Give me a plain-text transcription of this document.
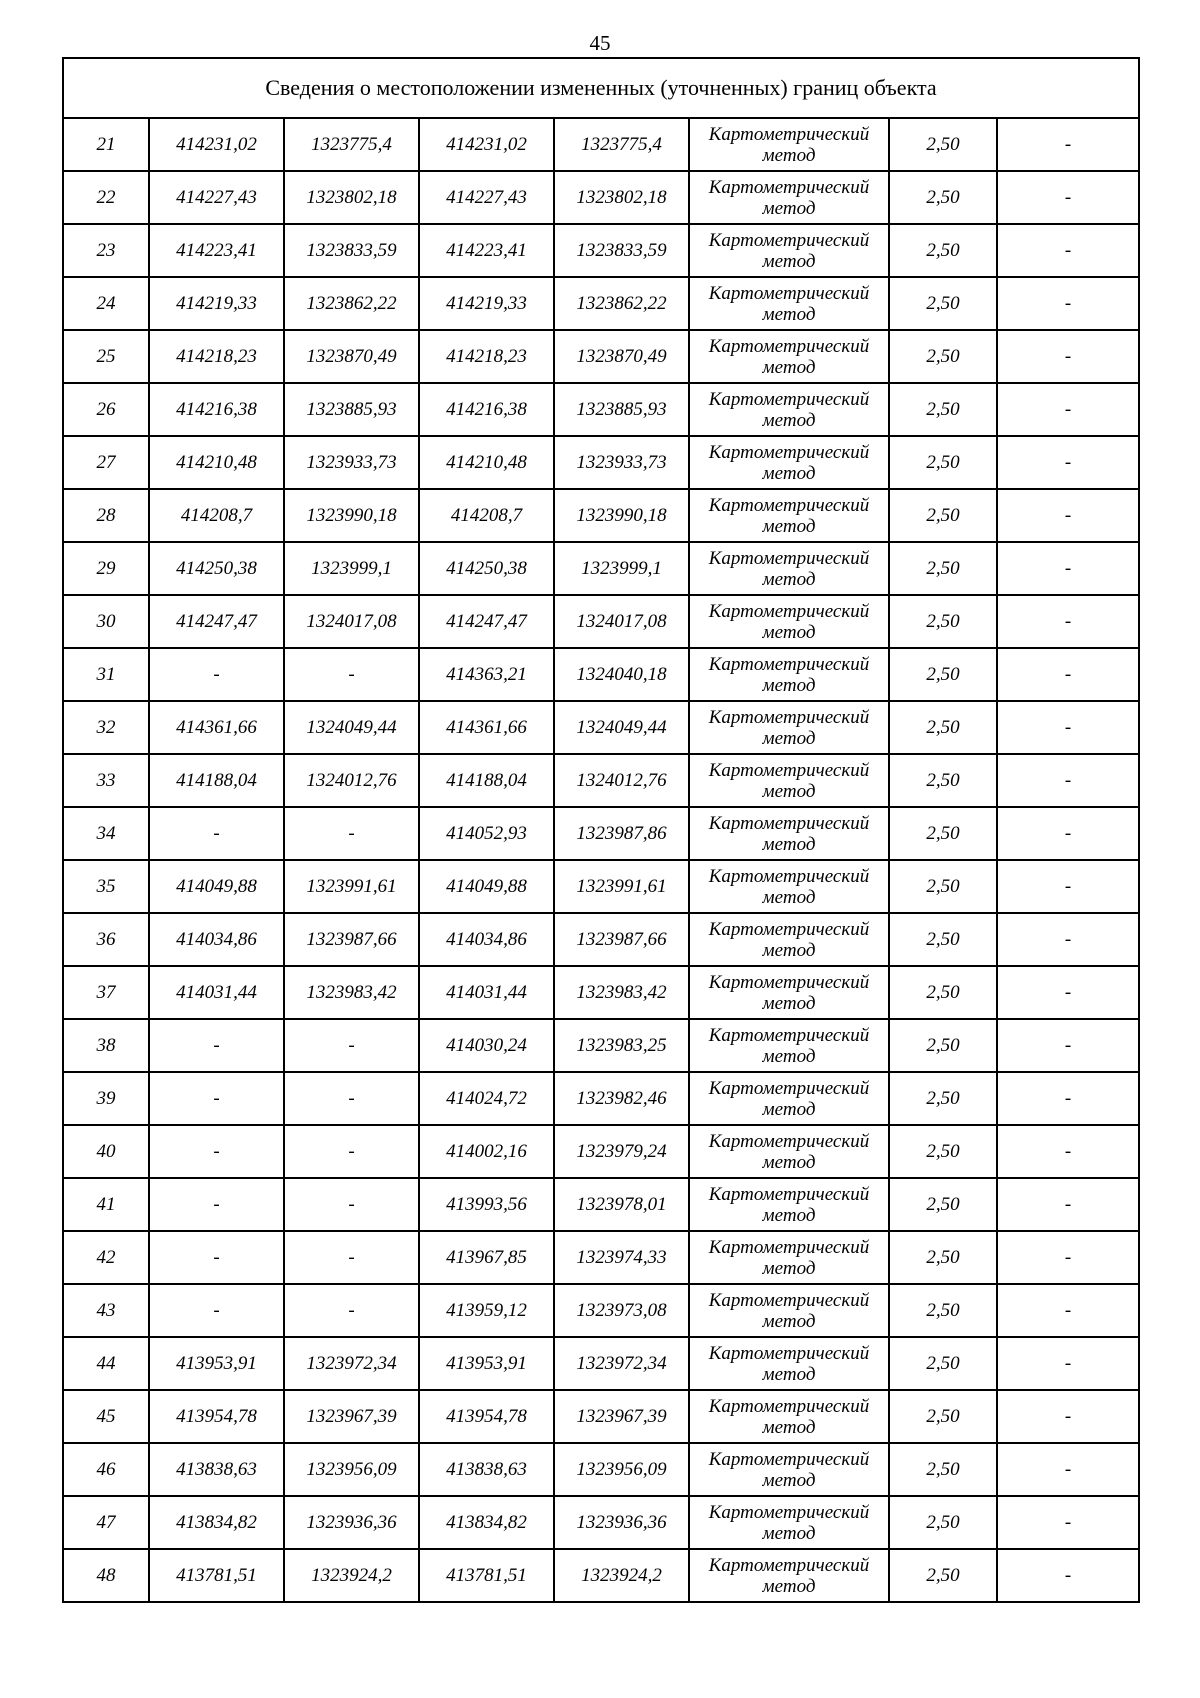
45
Сведения о местоположении измененных (уточненных) границ объекта							
21	414231,02	1323775,4	414231,02	1323775,4	Картометрический метод	2,50	-
22	414227,43	1323802,18	414227,43	1323802,18	Картометрический метод	2,50	-
23	414223,41	1323833,59	414223,41	1323833,59	Картометрический метод	2,50	-
24	414219,33	1323862,22	414219,33	1323862,22	Картометрический метод	2,50	-
25	414218,23	1323870,49	414218,23	1323870,49	Картометрический метод	2,50	-
26	414216,38	1323885,93	414216,38	1323885,93	Картометрический метод	2,50	-
27	414210,48	1323933,73	414210,48	1323933,73	Картометрический метод	2,50	-
28	414208,7	1323990,18	414208,7	1323990,18	Картометрический метод	2,50	-
29	414250,38	1323999,1	414250,38	1323999,1	Картометрический метод	2,50	-
30	414247,47	1324017,08	414247,47	1324017,08	Картометрический метод	2,50	-
31	-	-	414363,21	1324040,18	Картометрический метод	2,50	-
32	414361,66	1324049,44	414361,66	1324049,44	Картометрический метод	2,50	-
33	414188,04	1324012,76	414188,04	1324012,76	Картометрический метод	2,50	-
34	-	-	414052,93	1323987,86	Картометрический метод	2,50	-
35	414049,88	1323991,61	414049,88	1323991,61	Картометрический метод	2,50	-
36	414034,86	1323987,66	414034,86	1323987,66	Картометрический метод	2,50	-
37	414031,44	1323983,42	414031,44	1323983,42	Картометрический метод	2,50	-
38	-	-	414030,24	1323983,25	Картометрический метод	2,50	-
39	-	-	414024,72	1323982,46	Картометрический метод	2,50	-
40	-	-	414002,16	1323979,24	Картометрический метод	2,50	-
41	-	-	413993,56	1323978,01	Картометрический метод	2,50	-
42	-	-	413967,85	1323974,33	Картометрический метод	2,50	-
43	-	-	413959,12	1323973,08	Картометрический метод	2,50	-
44	413953,91	1323972,34	413953,91	1323972,34	Картометрический метод	2,50	-
45	413954,78	1323967,39	413954,78	1323967,39	Картометрический метод	2,50	-
46	413838,63	1323956,09	413838,63	1323956,09	Картометрический метод	2,50	-
47	413834,82	1323936,36	413834,82	1323936,36	Картометрический метод	2,50	-
48	413781,51	1323924,2	413781,51	1323924,2	Картометрический метод	2,50	-
